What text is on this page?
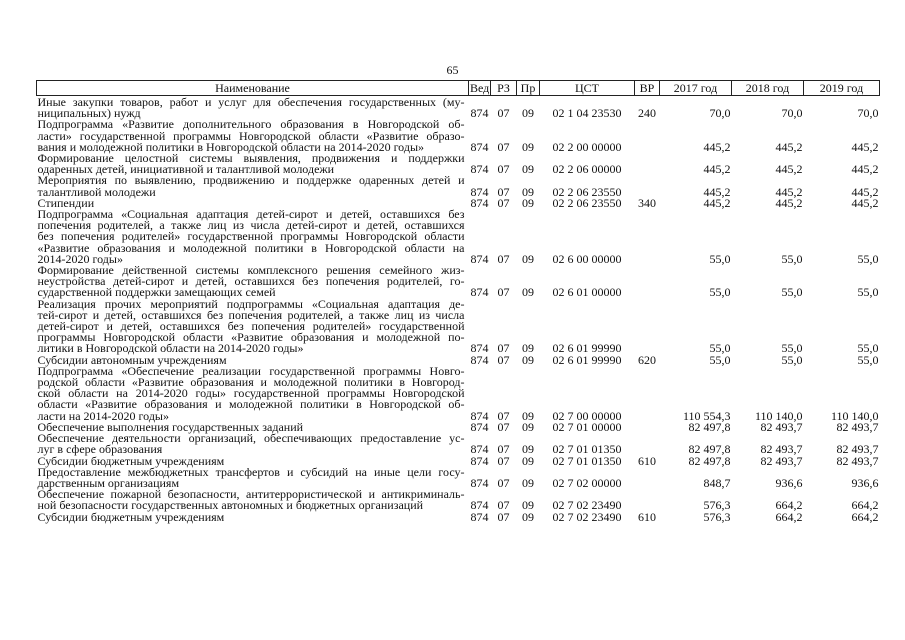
65
Наименование	Вед	РЗ	Пр	ЦСТ	ВР	2017 год	2018 год	2019 год

Иные закупки товаров, работ и услуг для обеспечения государственных (му-
ниципальных) нужд	874	07	09	02 1 04 23530	240	70,0	70,0	70,0

Подпрограмма «Развитие дополнительного образования в Новгородской об-
ласти» государственной программы Новгородской области «Развитие образо-
вания и молодежной политики в Новгородской области на 2014-2020 годы»	874	07	09	02 2 00 00000		445,2	445,2	445,2

Формирование целостной системы выявления, продвижения и поддержки
одаренных детей, инициативной и талантливой молодежи	874	07	09	02 2 06 00000		445,2	445,2	445,2

Мероприятия по выявлению, продвижению и поддержке одаренных детей и
талантливой молодежи	874	07	09	02 2 06 23550		445,2	445,2	445,2

Стипендии	874	07	09	02 2 06 23550	340	445,2	445,2	445,2

Подпрограмма «Социальная адаптация детей-сирот и детей, оставшихся без
попечения родителей, а также лиц из числа детей-сирот и детей, оставшихся
без попечения родителей» государственной программы Новгородской области
«Развитие образования и молодежной политики в Новгородской области на
2014-2020 годы»	874	07	09	02 6 00 00000		55,0	55,0	55,0

Формирование действенной системы комплексного решения семейного жиз-
неустройства детей-сирот и детей, оставшихся без попечения родителей, го-
сударственной поддержки замещающих семей	874	07	09	02 6 01 00000		55,0	55,0	55,0

Реализация прочих мероприятий подпрограммы «Социальная адаптация де-
тей-сирот и детей, оставшихся без попечения родителей, а также лиц из числа
детей-сирот и детей, оставшихся без попечения родителей» государственной
программы Новгородской области «Развитие образования и молодежной по-
литики в Новгородской области на 2014-2020 годы»	874	07	09	02 6 01 99990		55,0	55,0	55,0

Субсидии автономным учреждениям	874	07	09	02 6 01 99990	620	55,0	55,0	55,0

Подпрограмма «Обеспечение реализации государственной программы Новго-
родской области «Развитие образования и молодежной политики в Новгород-
ской области на 2014-2020 годы» государственной программы Новгородской
области «Развитие образования и молодежной политики в Новгородской об-
ласти на 2014-2020 годы»	874	07	09	02 7 00 00000		110 554,3	110 140,0	110 140,0

Обеспечение выполнения государственных заданий	874	07	09	02 7 01 00000		82 497,8	82 493,7	82 493,7

Обеспечение деятельности организаций, обеспечивающих предоставление ус-
луг в сфере образования	874	07	09	02 7 01 01350		82 497,8	82 493,7	82 493,7

Субсидии бюджетным учреждениям	874	07	09	02 7 01 01350	610	82 497,8	82 493,7	82 493,7

Предоставление межбюджетных трансфертов и субсидий на иные цели госу-
дарственным организациям	874	07	09	02 7 02 00000		848,7	936,6	936,6

Обеспечение пожарной безопасности, антитеррористической и антикриминаль-
ной безопасности государственных автономных и бюджетных организаций	874	07	09	02 7 02 23490		576,3	664,2	664,2

Субсидии бюджетным учреждениям	874	07	09	02 7 02 23490	610	576,3	664,2	664,2
